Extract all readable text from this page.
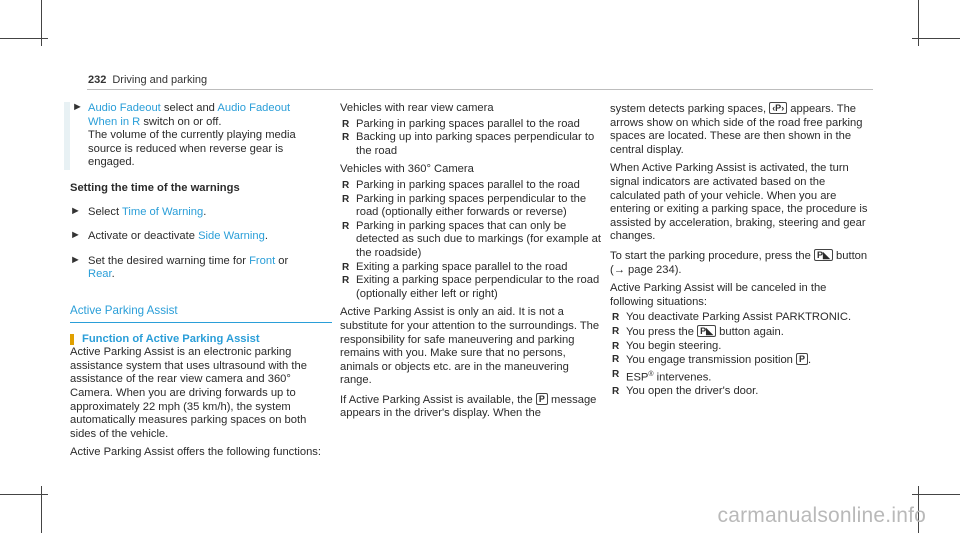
232 Driving and parking
► Audio Fadeout select and Audio Fadeout
When in R switch on or off.
The volume of the currently playing media source is reduced when reverse gear is engaged.
Setting the time of the warnings
► Select Time of Warning.
► Activate or deactivate Side Warning.
► Set the desired warning time for Front or
Rear.
Active Parking Assist
Function of Active Parking Assist

Active Parking Assist is an electronic parking assistance system that uses ultrasound with the assistance of the rear view camera and 360° Camera. When you are driving forwards up to approximately 22 mph (35 km/h), the system automatically measures parking spaces on both sides of the vehicle.

Active Parking Assist offers the following functions:

Vehicles with rear view camera

R Parking in parking spaces parallel to the road
R Backing up into parking spaces perpendicular to the road

Vehicles with 360° Camera

R Parking in parking spaces parallel to the road
R Parking in parking spaces perpendicular to the road (optionally either forwards or reverse)
R Parking in parking spaces that can only be detected as such due to markings (for example at the roadside)
R Exiting a parking space parallel to the road
R Exiting a parking space perpendicular to the road (optionally either left or right)

Active Parking Assist is only an aid. It is not a substitute for your attention to the surroundings. The responsibility for safe maneuvering and parking remains with you. Make sure that no persons, animals or objects etc. are in the maneuvering range.

If Active Parking Assist is available, the P message appears in the driver's display. When the

system detects parking spaces, ‹P› appears. The arrows show on which side of the road free parking spaces are located. These are then shown in the central display.

When Active Parking Assist is activated, the turn signal indicators are activated based on the calculated path of your vehicle. When you are entering or exiting a parking space, the procedure is assisted by acceleration, braking, steering and gear changes.

To start the parking procedure, press the P◣ button (→ page 234).

Active Parking Assist will be canceled in the following situations:

R You deactivate Parking Assist PARKTRONIC.
R You press the P◣ button again.
R You begin steering.
R You engage transmission position P .
R ESP® intervenes.
R You open the driver's door.
carmanualsonline.info
